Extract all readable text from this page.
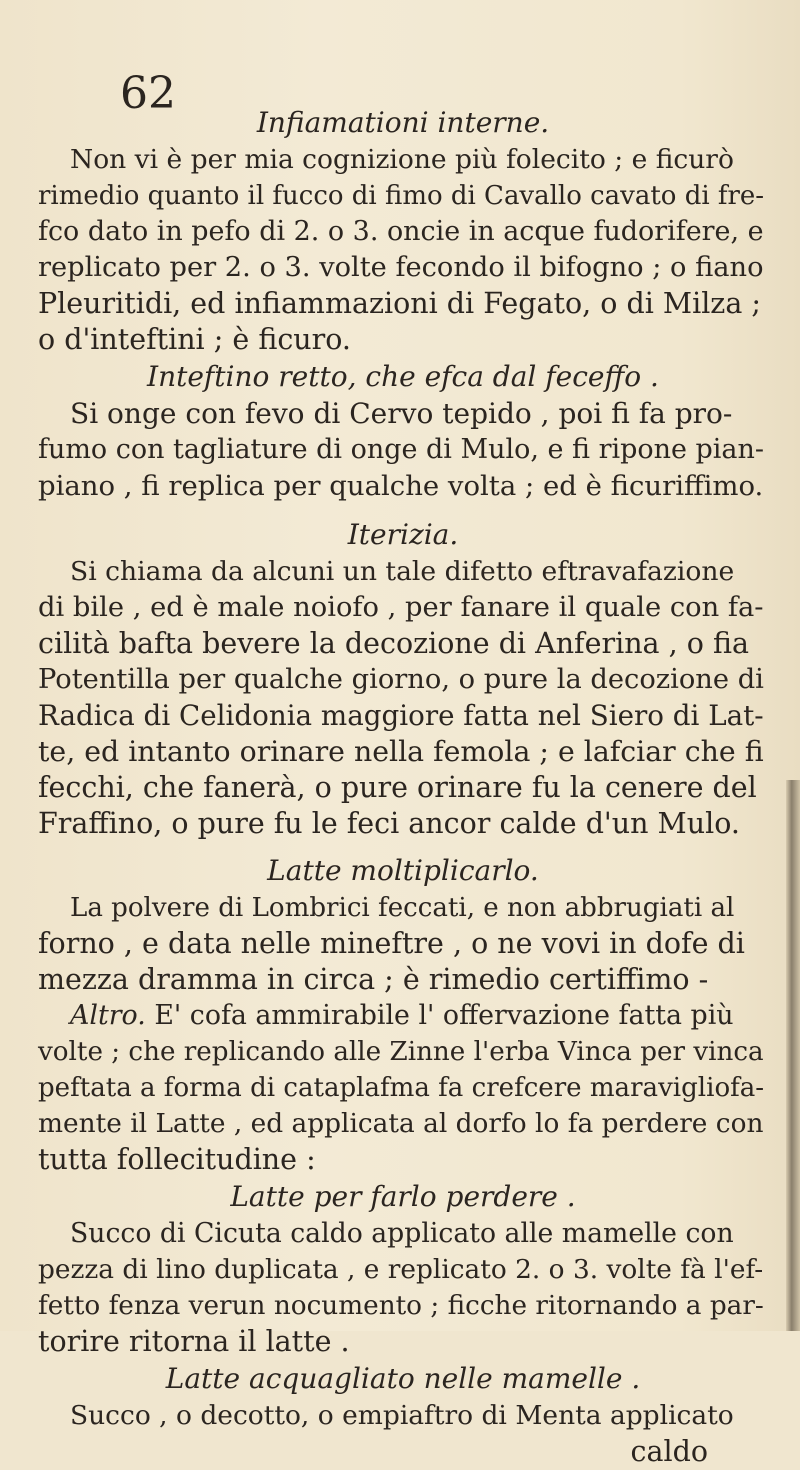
62

Infiamationi interne.

Non vi è per mia cognizione più folecito ; e ficurò
rimedio quanto il fucco di fimo di Cavallo cavato di fre-
fco dato in pefo di 2. o 3. oncie in acque fudorifere, e
replicato per 2. o 3. volte fecondo il bifogno ; o fiano
Pleuritidi, ed infiammazioni di Fegato, o di Milza ;
o d'inteftini ; è ficuro.

Inteftino retto, che efca dal feceffo .

Si onge con fevo di Cervo tepido , poi fi fa pro-
fumo con tagliature di onge di Mulo, e fi ripone pian-
piano , fi replica per qualche volta ; ed è ficuriffimo.

Iterizia.

Si chiama da alcuni un tale difetto eftravafazione
di bile , ed è male noiofo , per fanare il quale con fa-
cilità bafta bevere la decozione di Anferina , o fia
Potentilla per qualche giorno, o pure la decozione di
Radica di Celidonia maggiore fatta nel Siero di Lat-
te, ed intanto orinare nella femola ; e lafciar che fi
fecchi, che fanerà, o pure orinare fu la cenere del
Fraffino, o pure fu le feci ancor calde d'un Mulo.

Latte moltiplicarlo.

La polvere di Lombrici feccati, e non abbrugiati al
forno , e data nelle mineftre , o ne vovi in dofe di
mezza dramma in circa ; è rimedio certiffimo -

Altro. E' cofa ammirabile l' offervazione fatta più
volte ; che replicando alle Zinne l'erba Vinca per vinca
peftata a forma di cataplafma fa crefcere maravigliofa-
mente il Latte , ed applicata al dorfo lo fa perdere con
tutta follecitudine :

Latte per farlo perdere .

Succo di Cicuta caldo applicato alle mamelle con
pezza di lino duplicata , e replicato 2. o 3. volte fà l'ef-
fetto fenza verun nocumento ; ficche ritornando a par-
torire ritorna il latte .

Latte acquagliato nelle mamelle .

Succo , o decotto, o empiaftro di Menta applicato
caldo
